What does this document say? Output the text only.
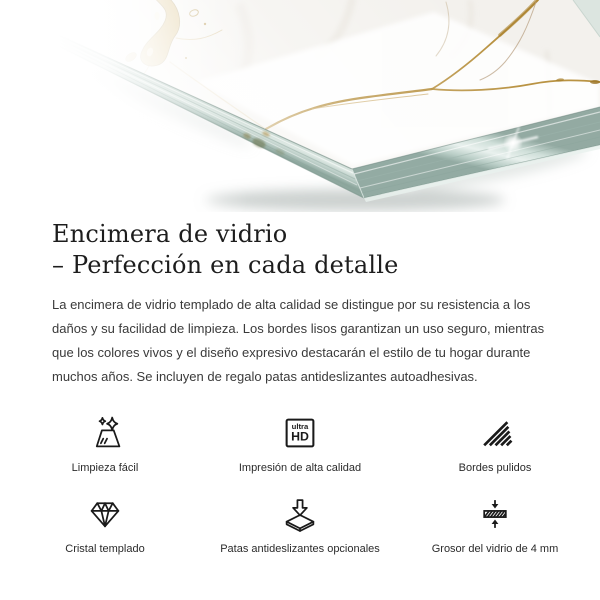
Encimera de vidrio
– Perfección en cada detalle

La encimera de vidrio templado de alta calidad se distingue por su resistencia a los daños y su facilidad de limpieza. Los bordes lisos garantizan un uso seguro, mientras que los colores vivos y el diseño expresivo destacarán el estilo de tu hogar durante muchos años. Se incluyen de regalo patas antideslizantes autoadhesivas.

Limpieza fácil
ultra
HD
Impresión de alta calidad	Bordes pulidos
Cristal templado	Patas antideslizantes opcionales	Grosor del vidrio de 4 mm
